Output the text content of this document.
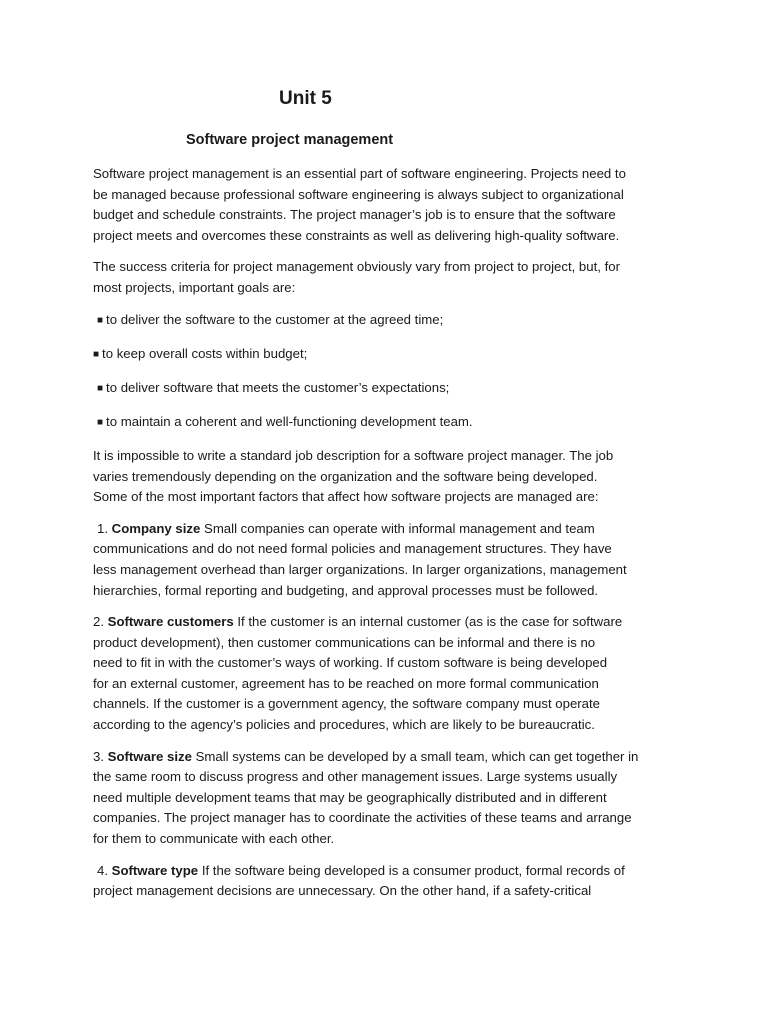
Unit 5
Software project management

Software project management is an essential part of software engineering. Projects need to
be managed because professional software engineering is always subject to organizational
budget and schedule constraints. The project manager’s job is to ensure that the software
project meets and overcomes these constraints as well as delivering high-quality software.

The success criteria for project management obviously vary from project to project, but, for
most projects, important goals are:

■ to deliver the software to the customer at the agreed time;
■ to keep overall costs within budget;
■ to deliver software that meets the customer’s expectations;
■ to maintain a coherent and well-functioning development team.

It is impossible to write a standard job description for a software project manager. The job
varies tremendously depending on the organization and the software being developed.
Some of the most important factors that affect how software projects are managed are:

1. Company size Small companies can operate with informal management and team
communications and do not need formal policies and management structures. They have
less management overhead than larger organizations. In larger organizations, management
hierarchies, formal reporting and budgeting, and approval processes must be followed.

2. Software customers If the customer is an internal customer (as is the case for software
product development), then customer communications can be informal and there is no
need to fit in with the customer’s ways of working. If custom software is being developed
for an external customer, agreement has to be reached on more formal communication
channels. If the customer is a government agency, the software company must operate
according to the agency’s policies and procedures, which are likely to be bureaucratic.

3. Software size Small systems can be developed by a small team, which can get together in
the same room to discuss progress and other management issues. Large systems usually
need multiple development teams that may be geographically distributed and in different
companies. The project manager has to coordinate the activities of these teams and arrange
for them to communicate with each other.

4. Software type If the software being developed is a consumer product, formal records of
project management decisions are unnecessary. On the other hand, if a safety-critical
